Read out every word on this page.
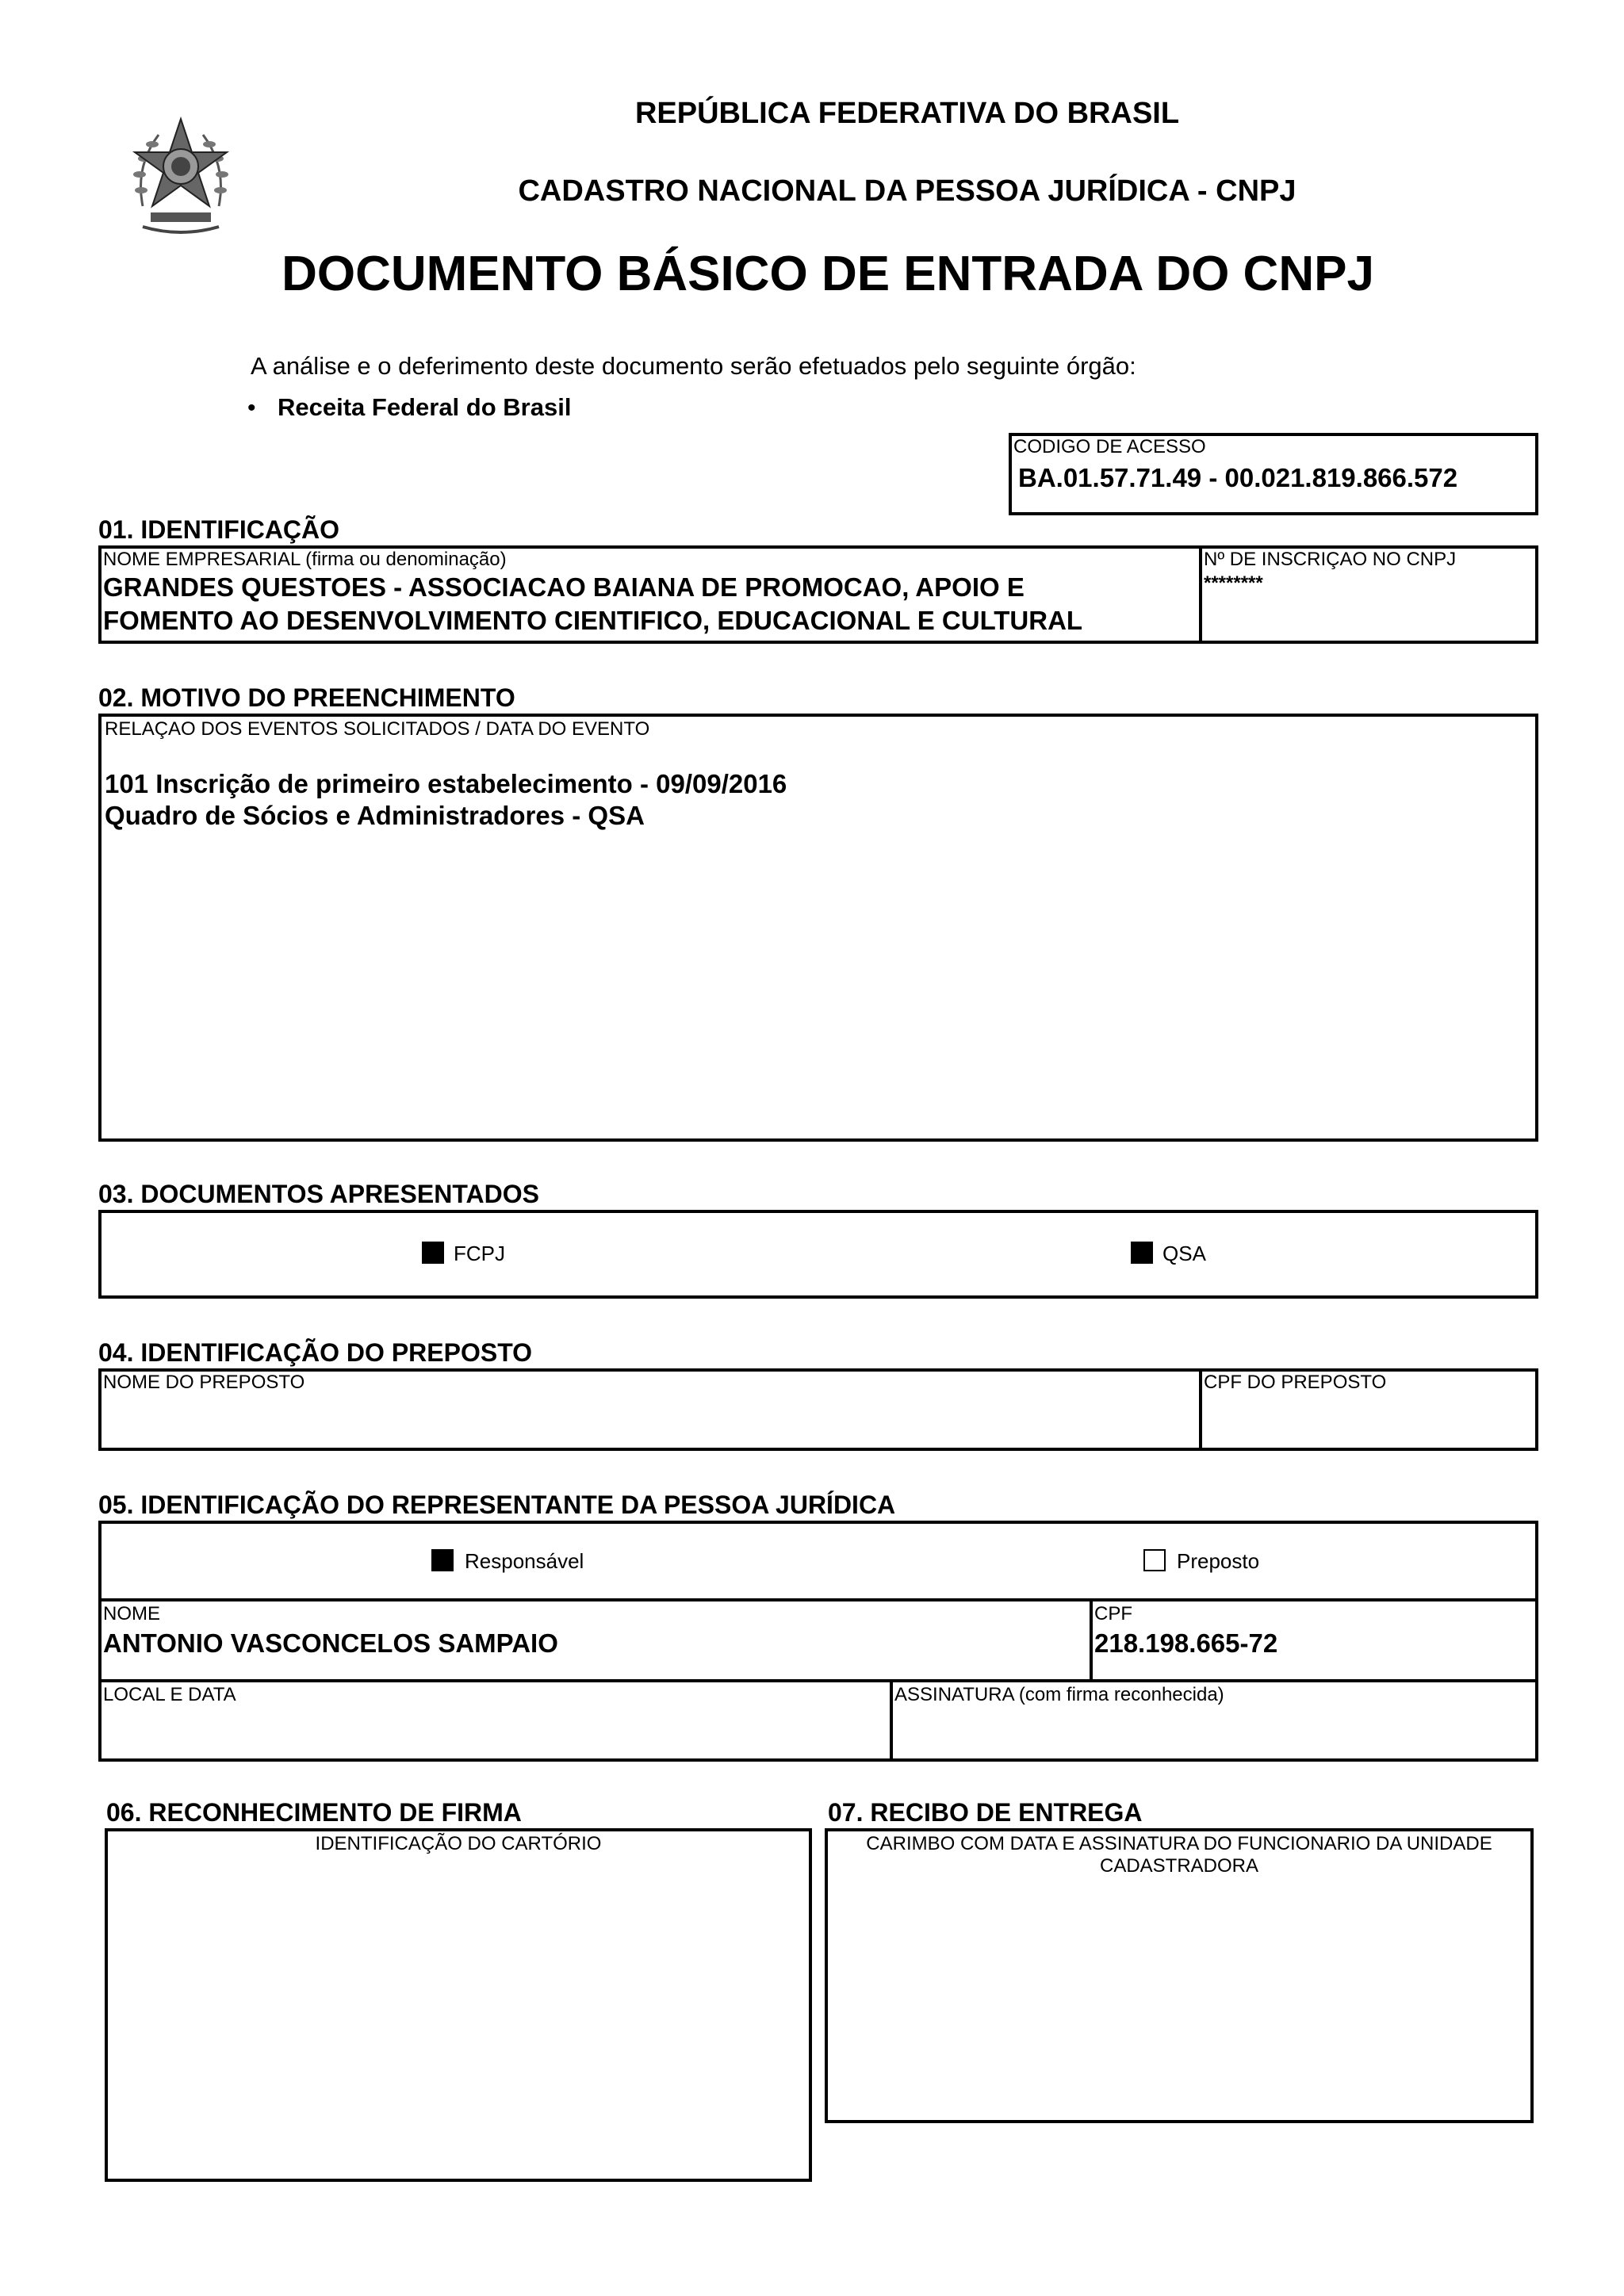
REPÚBLICA FEDERATIVA DO BRASIL
CADASTRO NACIONAL DA PESSOA JURÍDICA - CNPJ
DOCUMENTO BÁSICO DE ENTRADA DO CNPJ
A análise e o deferimento deste documento serão efetuados pelo seguinte órgão:
• Receita Federal do Brasil
CODIGO DE ACESSO
BA.01.57.71.49 - 00.021.819.866.572
01. IDENTIFICAÇÃO
NOME EMPRESARIAL (firma ou denominação)
GRANDES QUESTOES - ASSOCIACAO BAIANA DE PROMOCAO, APOIO E
FOMENTO AO DESENVOLVIMENTO CIENTIFICO, EDUCACIONAL E CULTURAL
Nº DE INSCRIÇAO NO CNPJ
********
02. MOTIVO DO PREENCHIMENTO
RELAÇAO DOS EVENTOS SOLICITADOS / DATA DO EVENTO
101 Inscrição de primeiro estabelecimento - 09/09/2016
Quadro de Sócios e Administradores - QSA
03. DOCUMENTOS APRESENTADOS
FCPJ	QSA
04. IDENTIFICAÇÃO DO PREPOSTO
NOME DO PREPOSTO	CPF DO PREPOSTO
05. IDENTIFICAÇÃO DO REPRESENTANTE DA PESSOA JURÍDICA
Responsável	Preposto
NOME
ANTONIO VASCONCELOS SAMPAIO
CPF
218.198.665-72
LOCAL E DATA	ASSINATURA (com firma reconhecida)
06. RECONHECIMENTO DE FIRMA
IDENTIFICAÇÃO DO CARTÓRIO
07. RECIBO DE ENTREGA
CARIMBO COM DATA E ASSINATURA DO FUNCIONARIO DA UNIDADE
CADASTRADORA
